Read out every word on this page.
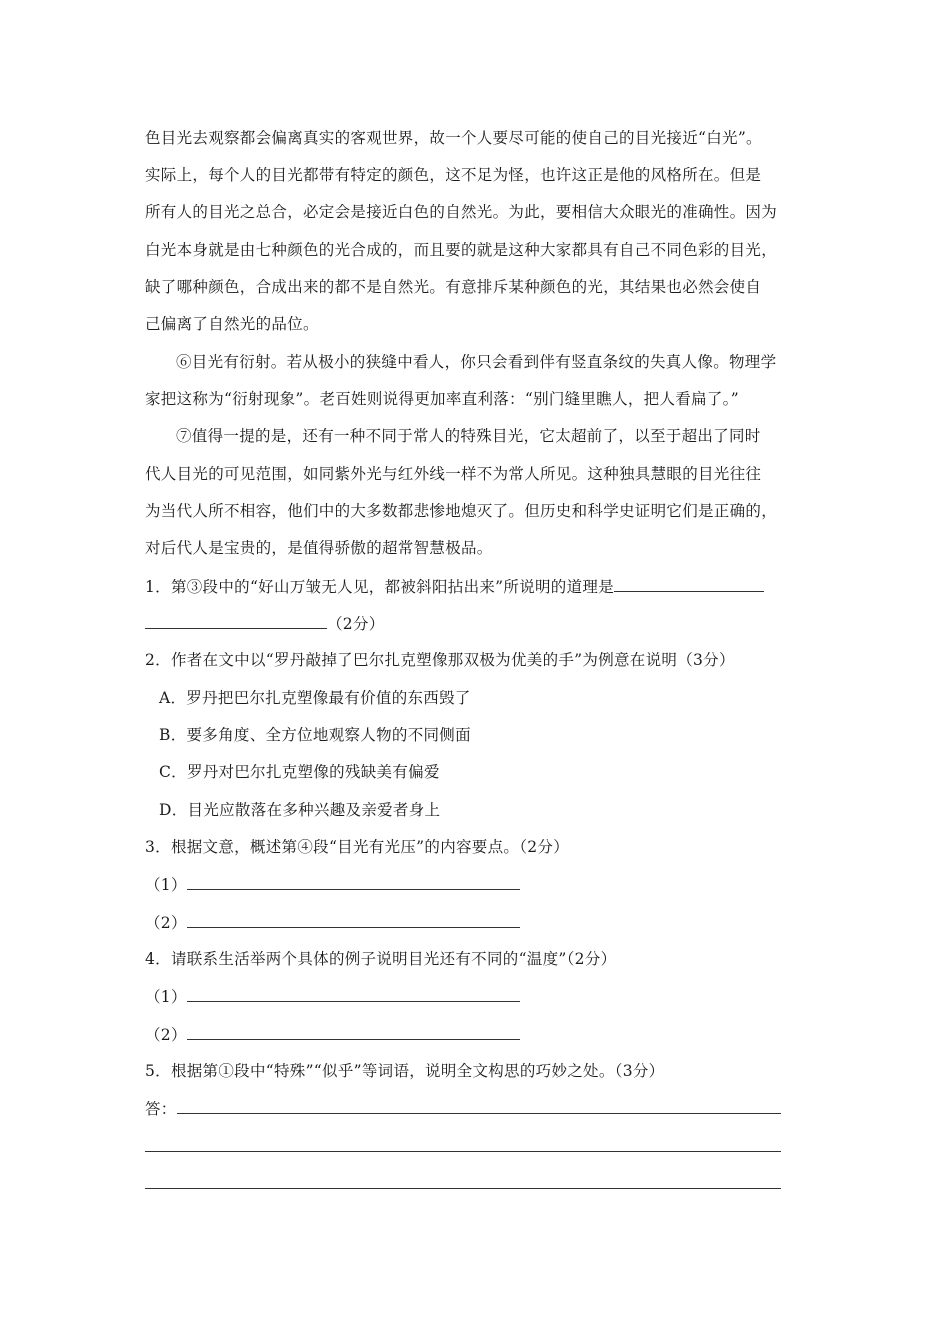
色目光去观察都会偏离真实的客观世界，故一个人要尽可能的使自己的目光接近“白光”。
实际上，每个人的目光都带有特定的颜色，这不足为怪，也许这正是他的风格所在。但是
所有人的目光之总合，必定会是接近白色的自然光。为此，要相信大众眼光的准确性。因为
白光本身就是由七种颜色的光合成的，而且要的就是这种大家都具有自己不同色彩的目光，
缺了哪种颜色，合成出来的都不是自然光。有意排斥某种颜色的光，其结果也必然会使自
己偏离了自然光的品位。
⑥目光有衍射。若从极小的狭缝中看人，你只会看到伴有竖直条纹的失真人像。物理学
家把这称为“衍射现象”。老百姓则说得更加率直利落：“别门缝里瞧人，把人看扁了。”
⑦值得一提的是，还有一种不同于常人的特殊目光，它太超前了，以至于超出了同时
代人目光的可见范围，如同紫外光与红外线一样不为常人所见。这种独具慧眼的目光往往
为当代人所不相容，他们中的大多数都悲惨地熄灭了。但历史和科学史证明它们是正确的，
对后代人是宝贵的，是值得骄傲的超常智慧极品。
1．第③段中的“好山万皱无人见，都被斜阳拈出来”所说明的道理是
（2分）
2．作者在文中以“罗丹敲掉了巴尔扎克塑像那双极为优美的手”为例意在说明（3分）
A．罗丹把巴尔扎克塑像最有价值的东西毁了
B．要多角度、全方位地观察人物的不同侧面
C．罗丹对巴尔扎克塑像的残缺美有偏爱
D．目光应散落在多种兴趣及亲爱者身上
3．根据文意，概述第④段“目光有光压”的内容要点。（2分）
（1）
（2）
4．请联系生活举两个具体的例子说明目光还有不同的“温度”（2分）
（1）
（2）
5．根据第①段中“特殊”“似乎”等词语，说明全文构思的巧妙之处。（3分）
答：
